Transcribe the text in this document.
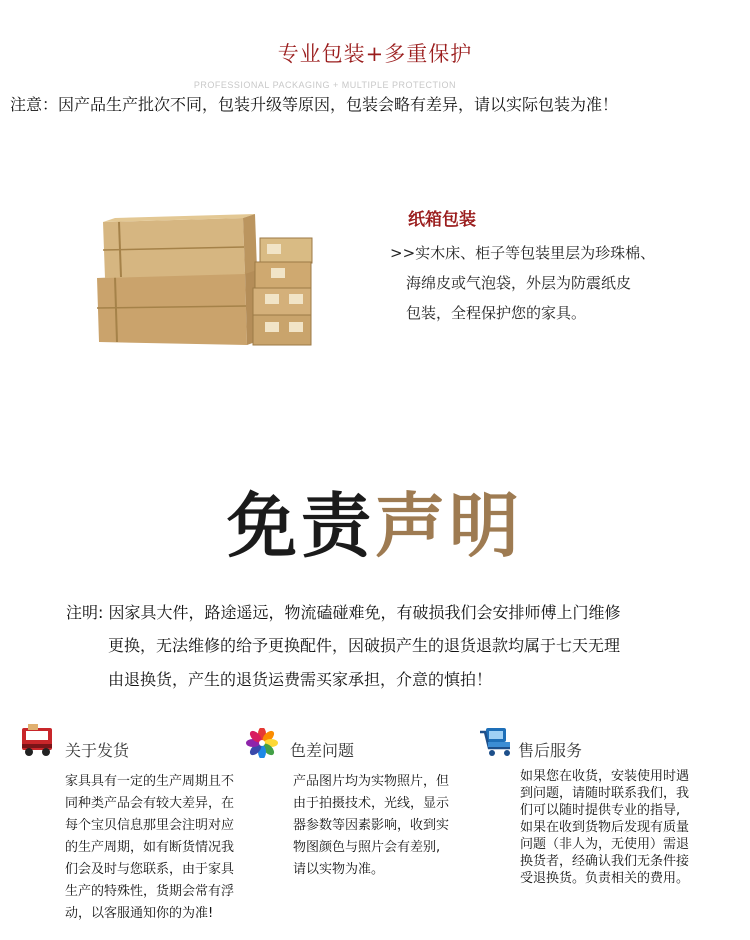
专业包装+多重保护
PROFESSIONAL PACKAGING + MULTIPLE PROTECTION
注意：因产品生产批次不同，包装升级等原因，包装会略有差异，请以实际包装为准！
纸箱包装
>>实木床、柜子等包装里层为珍珠棉、
海绵皮或气泡袋，外层为防震纸皮
包装，全程保护您的家具。
免责声明
注明: 因家具大件，路途遥远，物流磕碰难免，有破损我们会安排师傅上门维修
更换，无法维修的给予更换配件，因破损产生的退货退款均属于七天无理
由退换货，产生的退货运费需买家承担，介意的慎拍！
关于发货
家具具有一定的生产周期且不
同种类产品会有较大差异，在
每个宝贝信息那里会注明对应
的生产周期，如有断货情况我
们会及时与您联系，由于家具
生产的特殊性，货期会常有浮
动，以客服通知你的为准!
色差问题
产品图片均为实物照片，但
由于拍摄技术，光线，显示
器参数等因素影响，收到实
物图颜色与照片会有差别,
请以实物为准。
售后服务
如果您在收货，安装使用时遇
到问题，请随时联系我们，我
们可以随时提供专业的指导,
如果在收到货物后发现有质量
问题（非人为，无使用）需退
换货者，经确认我们无条件接
受退换货。负责相关的费用。
